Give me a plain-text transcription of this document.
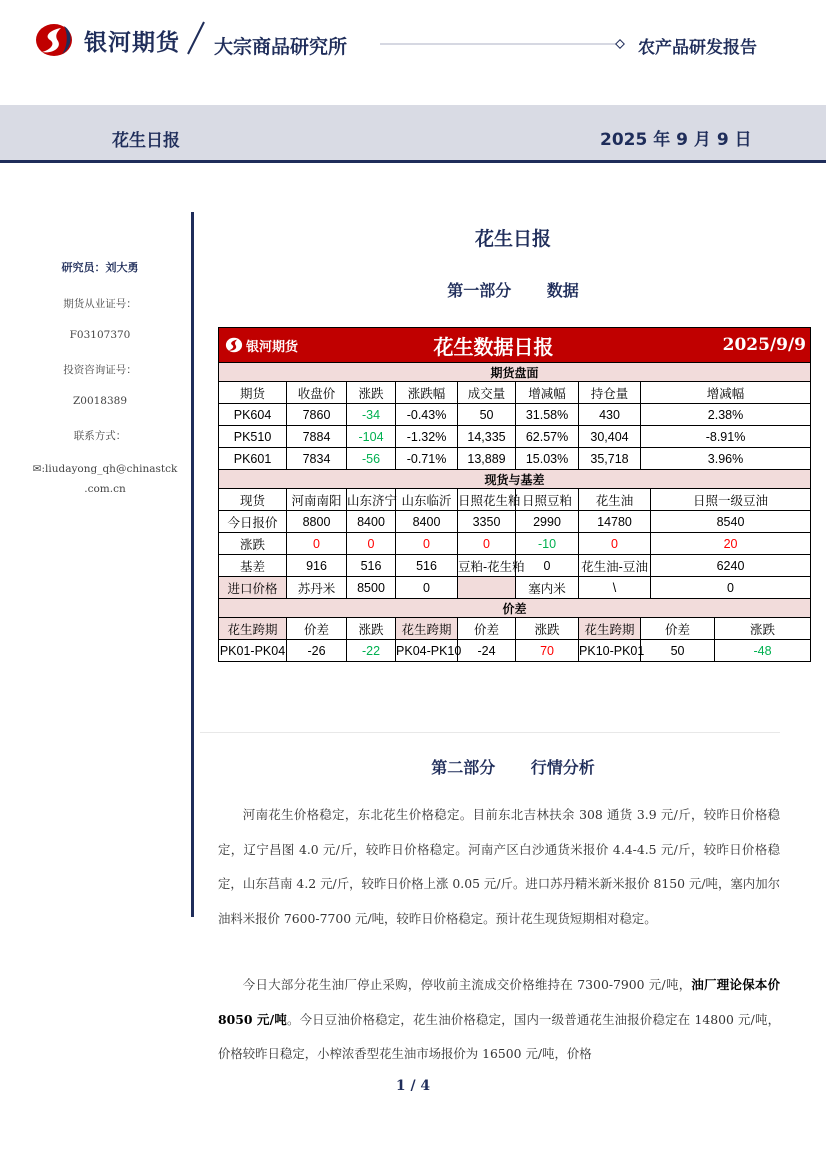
银河期货 大宗商品研究所	农产品研发报告
花生日报	2025 年 9 月 9 日
研究员：刘大勇
期货从业证号：
F03107370
投资咨询证号：
Z0018389
联系方式：
✉:liudayong_qh@chinastck .com.cn
花生日报
第一部分 数据
银河期货		花生数据日报					2025/9/9		
期货盘面									
期货	收盘价	涨跌	涨跌幅	成交量	增减幅	持仓量	增减幅		
PK604	7860	-34	-0.43%	50	31.58%	430	2.38%		
PK510	7884	-104	-1.32%	14,335	62.57%	30,404	-8.91%		
PK601	7834	-56	-0.71%	13,889	15.03%	35,718	3.96%		
现货与基差									
现货	河南南阳	山东济宁	山东临沂	日照花生粕	日照豆粕	花生油		日照一级豆油	
今日报价	8800	8400	8400	3350	2990	14780		8540	
涨跌	0	0	0	0	-10	0		20	
基差	916	516	516	豆粕-花生粕	0	花生油-豆油		6240	
进口价格	苏丹米	8500	0		塞内米	\		0	
价差									
花生跨期	价差	涨跌	花生跨期	价差	涨跌	花生跨期	价差		涨跌
PK01-PK04	-26	-22	PK04-PK10	-24	70	PK10-PK01	50		-48
第二部分 行情分析

河南花生价格稳定，东北花生价格稳定。目前东北吉林扶余 308 通货 3.9 元/斤，较昨日价格稳定，辽宁昌图 4.0 元/斤，较昨日价格稳定。河南产区白沙通货米报价 4.4-4.5 元/斤，较昨日价格稳定，山东莒南 4.2 元/斤，较昨日价格上涨 0.05 元/斤。进口苏丹精米新米报价 8150 元/吨，塞内加尔油料米报价 7600-7700 元/吨，较昨日价格稳定。预计花生现货短期相对稳定。

今日大部分花生油厂停止采购，停收前主流成交价格维持在 7300-7900 元/吨，油厂理论保本价 8050 元/吨。今日豆油价格稳定，花生油价格稳定，国内一级普通花生油报价稳定在 14800 元/吨，价格较昨日稳定，小榨浓香型花生油市场报价为 16500 元/吨，价格

1 / 4
